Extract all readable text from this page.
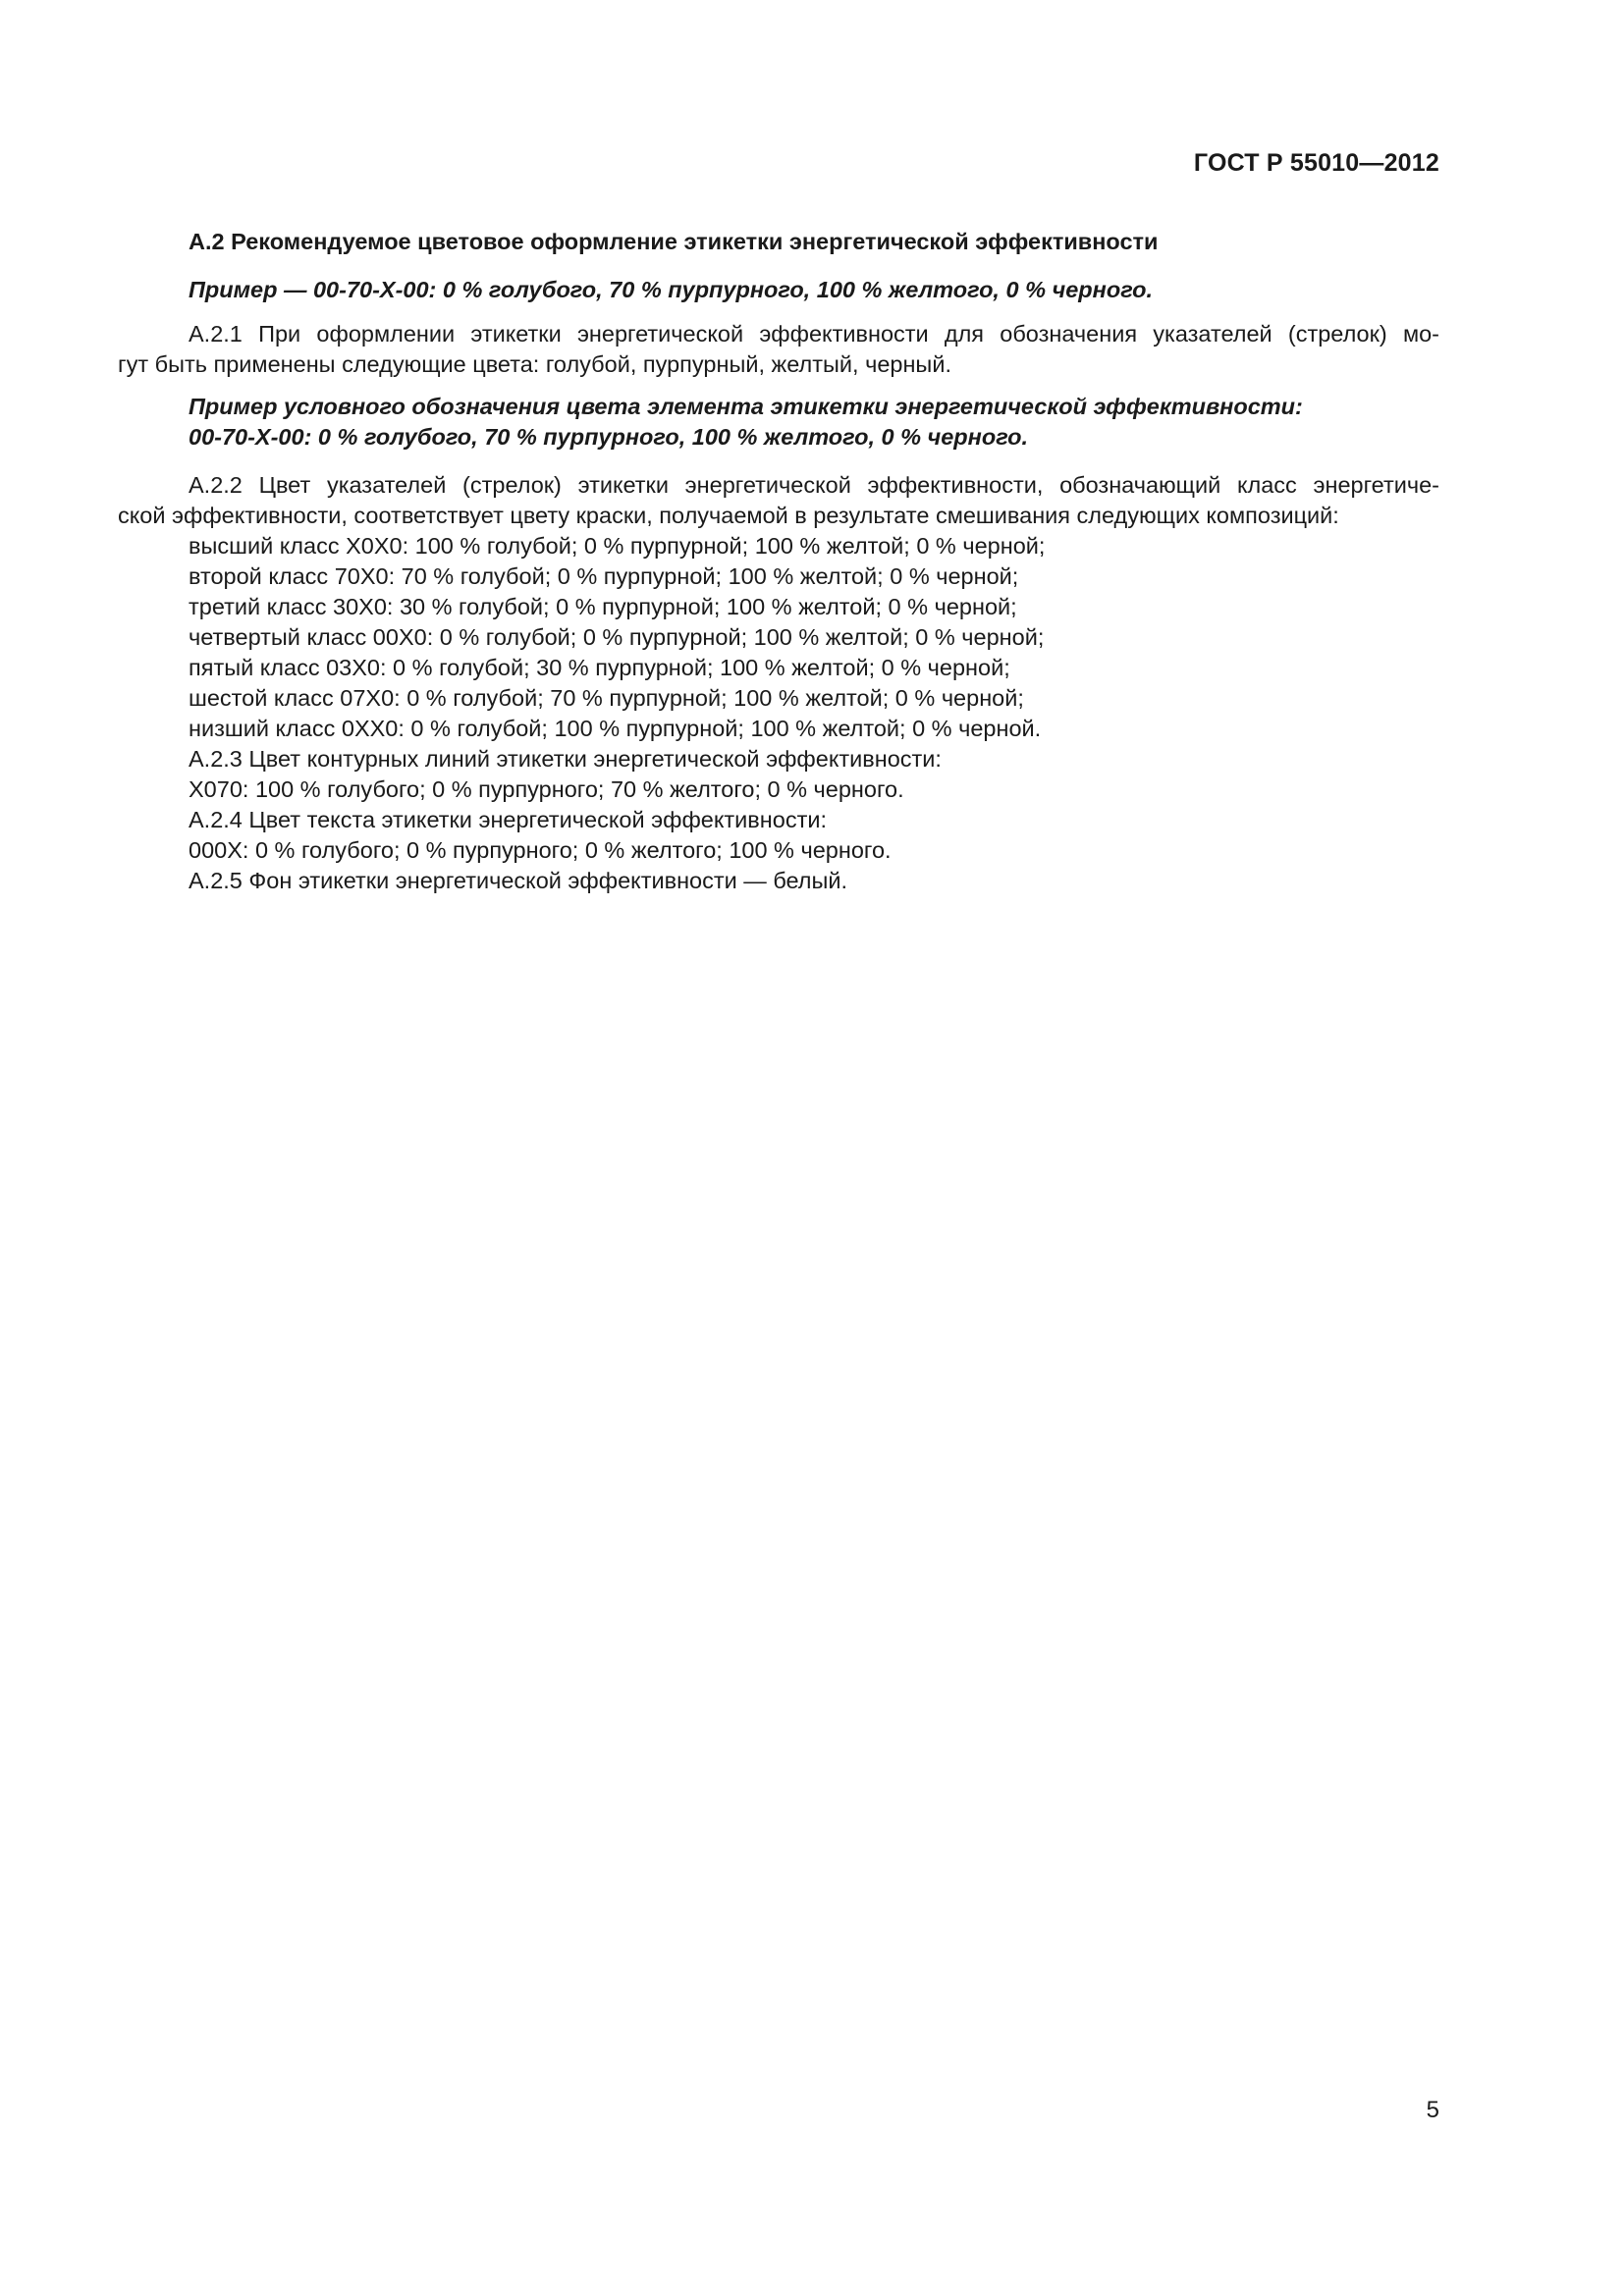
ГОСТ Р 55010—2012
А.2 Рекомендуемое цветовое оформление этикетки энергетической эффективности
Пример — 00-70-Х-00: 0 % голубого, 70 % пурпурного, 100 % желтого, 0 % черного.
А.2.1 При оформлении этикетки энергетической эффективности для обозначения указателей (стрелок) мо-
гут быть применены следующие цвета: голубой, пурпурный, желтый, черный.
Пример условного обозначения цвета элемента этикетки энергетической эффективности:
00-70-Х-00: 0 % голубого, 70 % пурпурного, 100 % желтого, 0 % черного.
А.2.2 Цвет указателей (стрелок) этикетки энергетической эффективности, обозначающий класс энергетиче-
ской эффективности, соответствует цвету краски, получаемой в результате смешивания следующих композиций:
высший класс Х0Х0: 100 % голубой; 0 % пурпурной; 100 % желтой; 0 % черной;
второй класс 70Х0: 70 % голубой; 0 % пурпурной; 100 % желтой; 0 % черной;
третий класс 30Х0: 30 % голубой; 0 % пурпурной; 100 % желтой; 0 % черной;
четвертый класс 00Х0: 0 % голубой; 0 % пурпурной; 100 % желтой; 0 % черной;
пятый класс 03Х0: 0 % голубой; 30 % пурпурной; 100 % желтой; 0 % черной;
шестой класс 07Х0: 0 % голубой; 70 % пурпурной; 100 % желтой; 0 % черной;
низший класс 0ХХ0: 0 % голубой; 100 % пурпурной; 100 % желтой; 0 % черной.
А.2.3 Цвет контурных линий этикетки энергетической эффективности:
Х070: 100 % голубого; 0 % пурпурного; 70 % желтого; 0 % черного.
А.2.4 Цвет текста этикетки энергетической эффективности:
000Х: 0 % голубого; 0 % пурпурного; 0 % желтого; 100 % черного.
А.2.5 Фон этикетки энергетической эффективности — белый.
5
